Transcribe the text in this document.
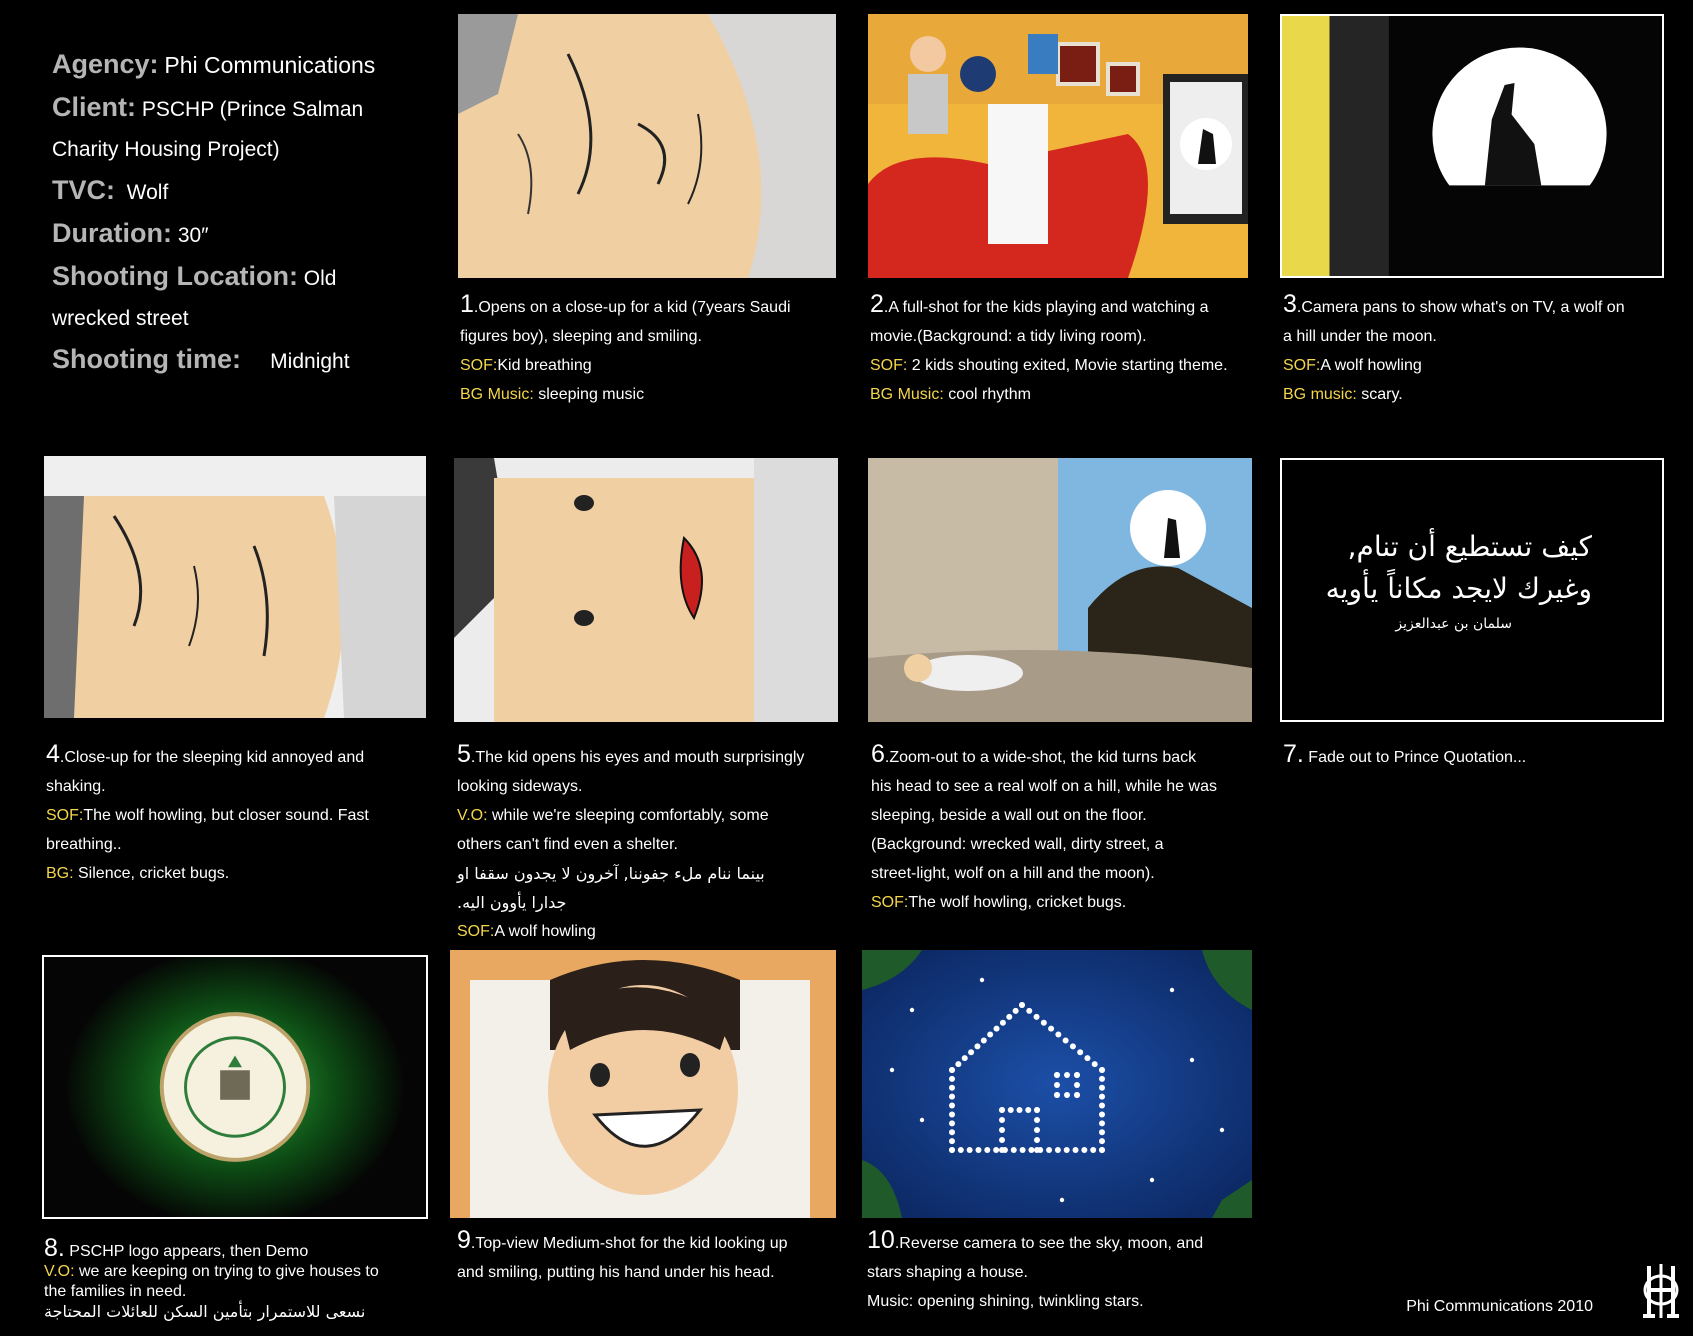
Agency: Phi Communications
Client: PSCHP (Prince Salman
Charity Housing Project)
TVC: Wolf
Duration: 30″
Shooting Location: Old
wrecked street
Shooting time: Midnight
1.Opens on a close-up for a kid (7years Saudi
figures boy), sleeping and smiling.
SOF:Kid breathing
BG Music: sleeping music
2.A full-shot for the kids playing and watching a
movie.(Background: a tidy living room).
SOF: 2 kids shouting exited, Movie starting theme.
BG Music: cool rhythm
3.Camera pans to show what's on TV, a wolf on
a hill under the moon.
SOF:A wolf howling
BG music: scary.
4.Close-up for the sleeping kid annoyed and
shaking.
SOF:The wolf howling, but closer sound. Fast
breathing..
BG: Silence, cricket bugs.
5.The kid opens his eyes and mouth surprisingly
looking sideways.
V.O: while we're sleeping comfortably, some
others can't find even a shelter.

بينما ننام ملء جفوننا, آخرون لا يجدون سقفا او
جدارا يأوون اليه.
SOF:A wolf howling
6.Zoom-out to a wide-shot, the kid turns back
his head to see a real wolf on a hill, while he was
sleeping, beside a wall out on the floor.
(Background: wrecked wall, dirty street, a
street-light, wolf on a hill and the moon).
SOF:The wolf howling, cricket bugs.
كيف تستطيع أن تنام,
وغيرك لايجد مكاناً يأويه
سلمان بن عبدالعزيز
7. Fade out to Prince Quotation...
8. PSCHP logo appears, then Demo
V.O: we are keeping on trying to give houses to
the families in need.

نسعى للاستمرار بتأمين السكن للعائلات المحتاجة
9.Top-view Medium-shot for the kid looking up
and smiling, putting his hand under his head.
10.Reverse camera to see the sky, moon, and
stars shaping a house.
Music: opening shining, twinkling stars.	Phi Communications 2010
